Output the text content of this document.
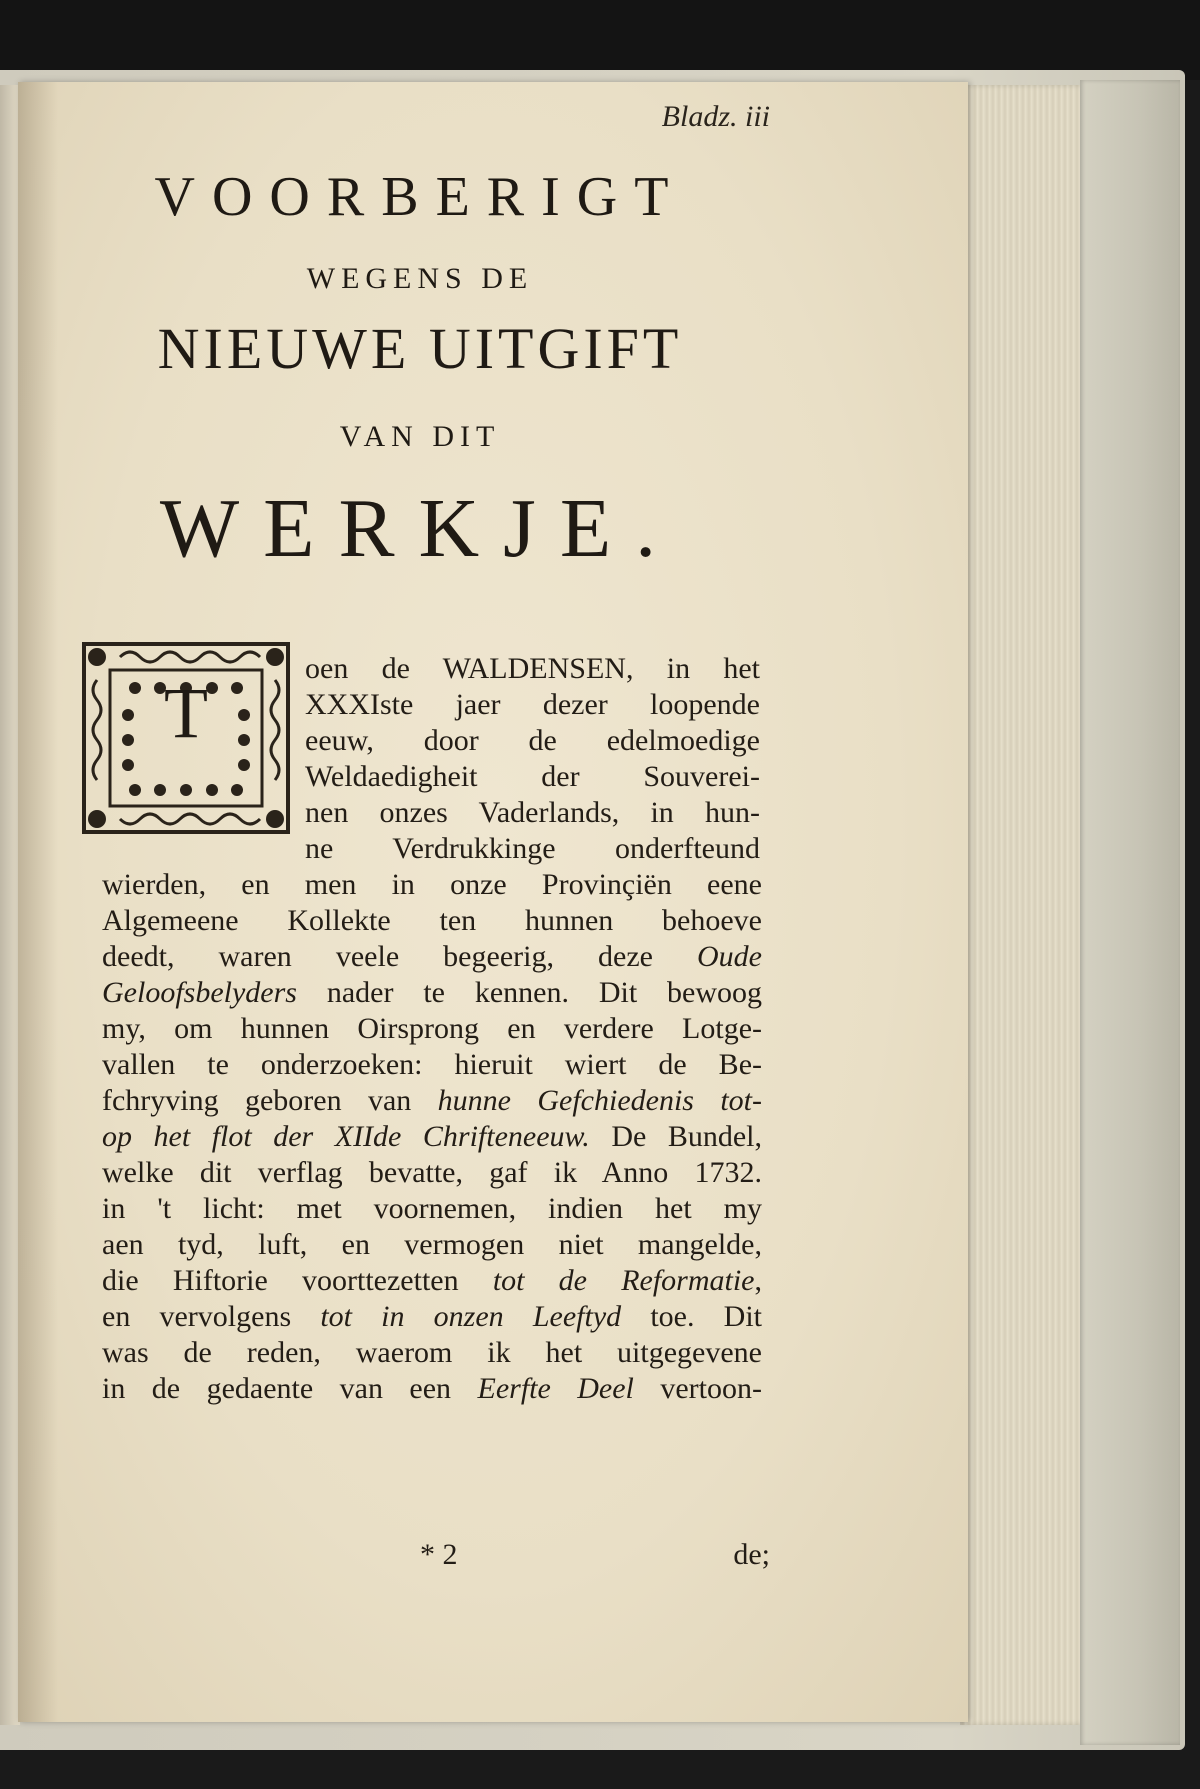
Bladz. iii
VOORBERIGT
WEGENS DE
NIEUWE UITGIFT
VAN DIT
WERKJE.
T
oen de WALDENSEN, in het
XXXIste jaer dezer loopende
eeuw, door de edelmoedige
Weldaedigheit der Souverei-
nen onzes Vaderlands, in hun-
ne Verdrukkinge onderfteund
wierden, en men in onze Provinçiën eene
Algemeene Kollekte ten hunnen behoeve
deedt, waren veele begeerig, deze Oude
Geloofsbelyders nader te kennen. Dit bewoog
my, om hunnen Oirsprong en verdere Lotge-
vallen te onderzoeken: hieruit wiert de Be-
fchryving geboren van hunne Gefchiedenis tot-
op het flot der XIIde Chrifteneeuw. De Bundel,
welke dit verflag bevatte, gaf ik Anno 1732.
in 't licht: met voornemen, indien het my
aen tyd, luft, en vermogen niet mangelde,
die Hiftorie voorttezetten tot de Reformatie,
en vervolgens tot in onzen Leeftyd toe. Dit
was de reden, waerom ik het uitgegevene
in de gedaente van een Eerfte Deel vertoon-
* 2	de;
